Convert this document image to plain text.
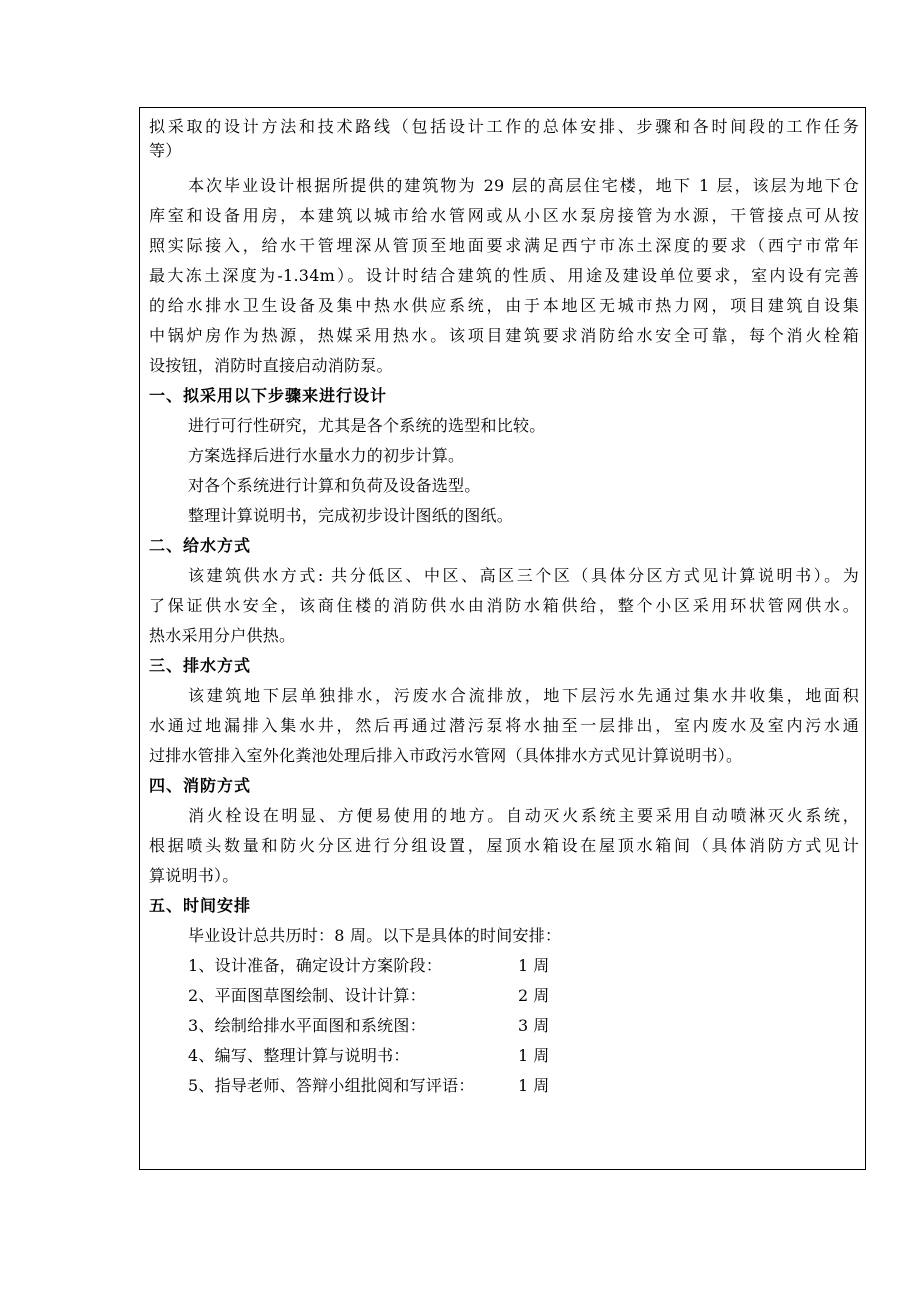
拟采取的设计方法和技术路线（包括设计工作的总体安排、步骤和各时间段的工作任务
等）
本次毕业设计根据所提供的建筑物为 29 层的高层住宅楼，地下 1 层，该层为地下仓
库室和设备用房，本建筑以城市给水管网或从小区水泵房接管为水源，干管接点可从按
照实际接入，给水干管埋深从管顶至地面要求满足西宁市冻土深度的要求（西宁市常年
最大冻土深度为-1.34m）。设计时结合建筑的性质、用途及建设单位要求，室内设有完善
的给水排水卫生设备及集中热水供应系统，由于本地区无城市热力网，项目建筑自设集
中锅炉房作为热源，热媒采用热水。该项目建筑要求消防给水安全可靠，每个消火栓箱
设按钮，消防时直接启动消防泵。
一、拟采用以下步骤来进行设计
进行可行性研究，尤其是各个系统的选型和比较。
方案选择后进行水量水力的初步计算。
对各个系统进行计算和负荷及设备选型。
整理计算说明书，完成初步设计图纸的图纸。
二、给水方式
该建筑供水方式: 共分低区、中区、高区三个区（具体分区方式见计算说明书）。为
了保证供水安全，该商住楼的消防供水由消防水箱供给，整个小区采用环状管网供水。
热水采用分户供热。
三、排水方式
该建筑地下层单独排水，污废水合流排放，地下层污水先通过集水井收集，地面积
水通过地漏排入集水井，然后再通过潜污泵将水抽至一层排出，室内废水及室内污水通
过排水管排入室外化粪池处理后排入市政污水管网（具体排水方式见计算说明书）。
四、消防方式
消火栓设在明显、方便易使用的地方。自动灭火系统主要采用自动喷淋灭火系统，
根据喷头数量和防火分区进行分组设置，屋顶水箱设在屋顶水箱间（具体消防方式见计
算说明书）。
五、时间安排
毕业设计总共历时：8 周。以下是具体的时间安排：
1、设计准备，确定设计方案阶段：	1 周
2、平面图草图绘制、设计计算：	2 周
3、绘制给排水平面图和系统图：	3 周
4、编写、整理计算与说明书：	1 周
5、指导老师、答辩小组批阅和写评语：	1 周
